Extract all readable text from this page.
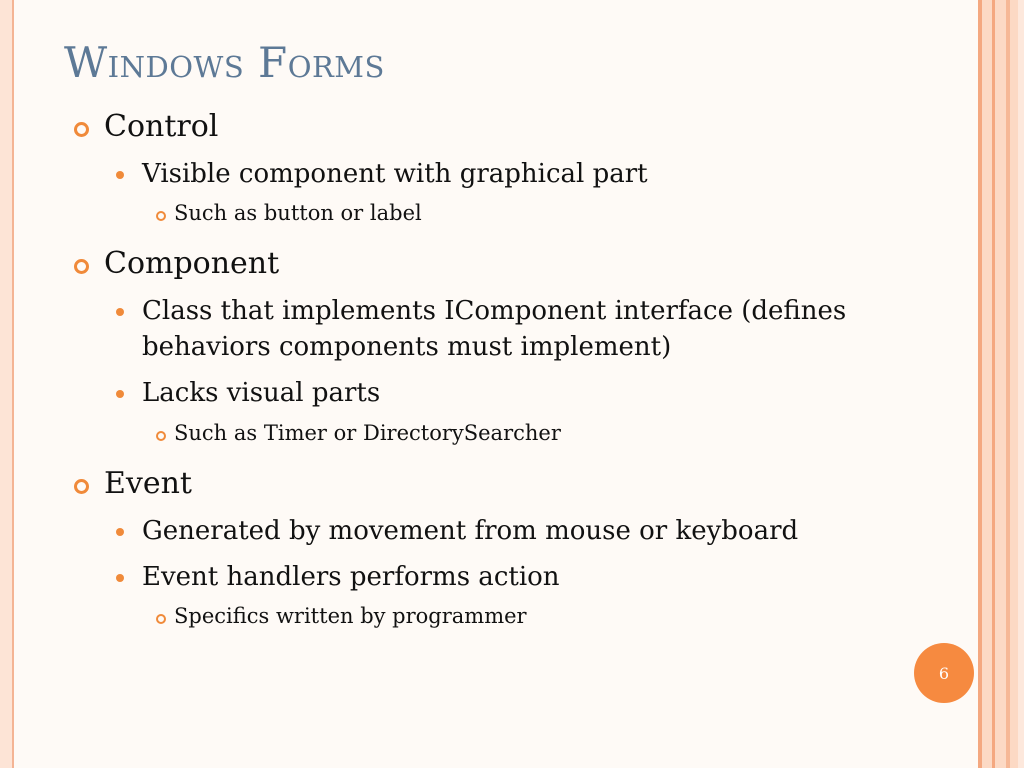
Windows Forms
Control
Visible component with graphical part
Such as button or label
Component
Class that implements IComponent interface (defines behaviors components must implement)
Lacks visual parts
Such as Timer or DirectorySearcher
Event
Generated by movement from mouse or keyboard
Event handlers performs action
Specifics written by programmer
6
